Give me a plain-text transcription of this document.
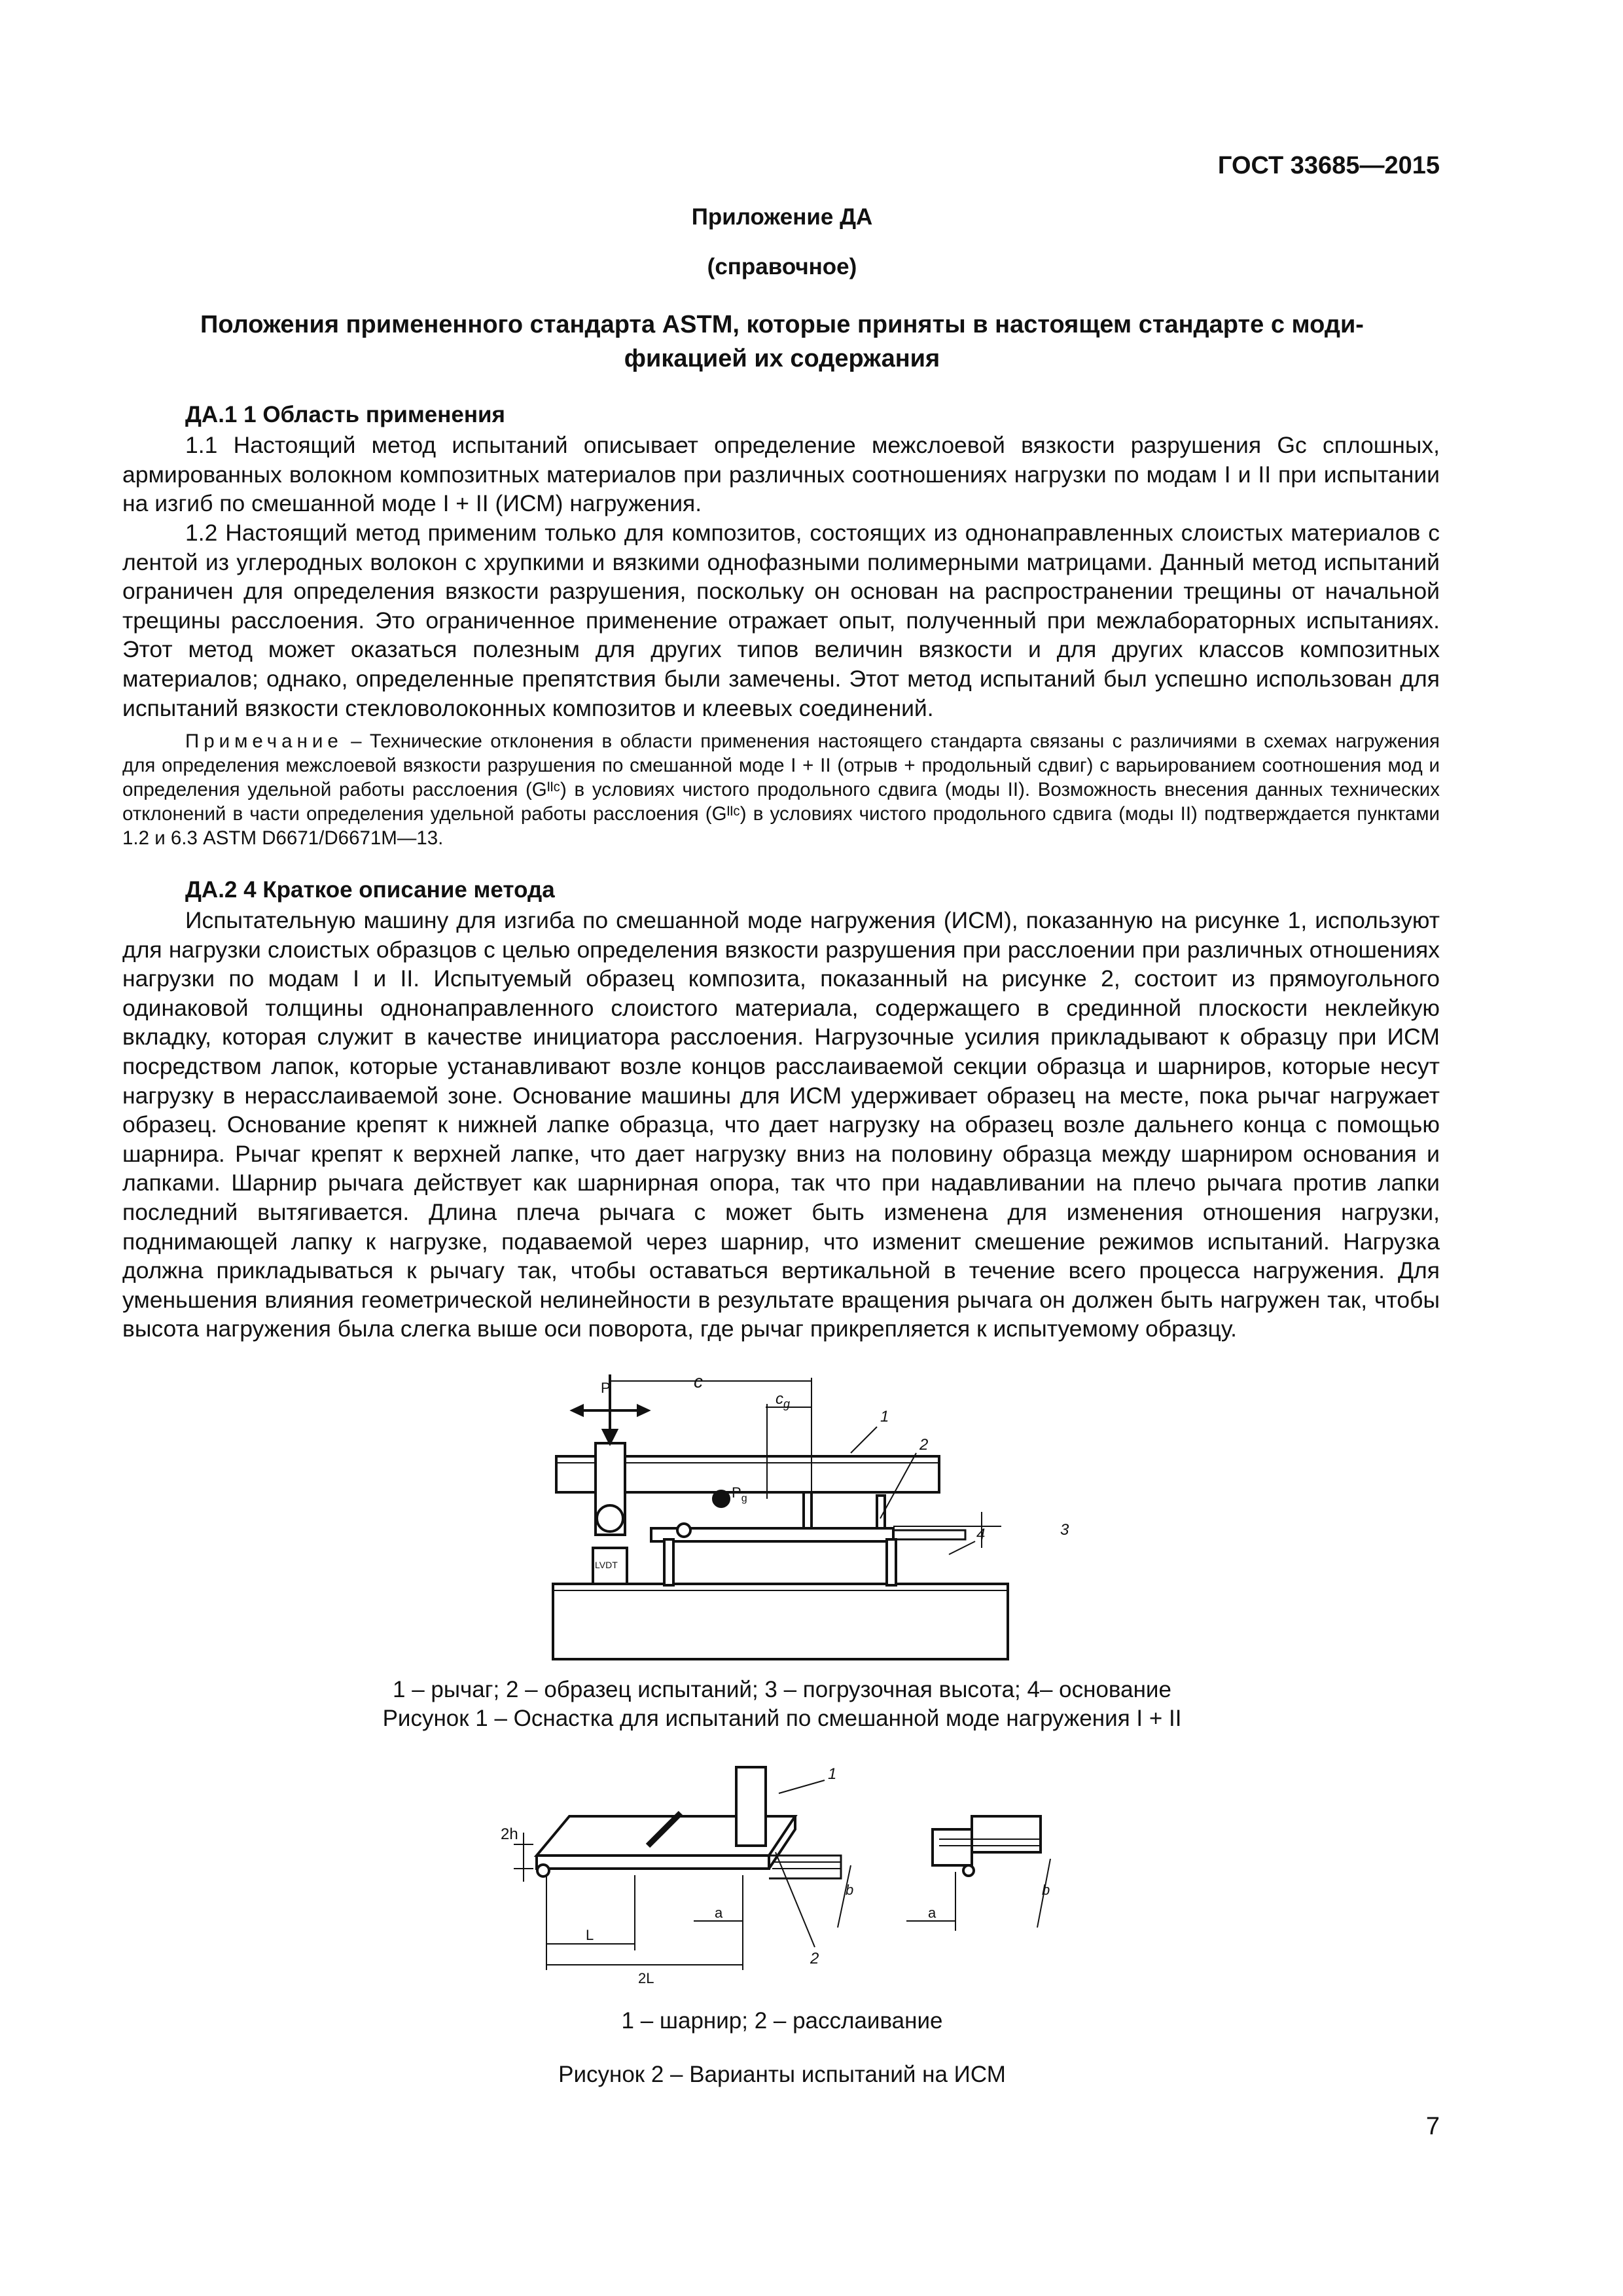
ГОСТ 33685—2015
Приложение ДА
(справочное)
Положения примененного стандарта ASTM, которые приняты в настоящем стандарте с моди-
фикацией их содержания
ДА.1 1 Область применения

1.1 Настоящий метод испытаний описывает определение межслоевой вязкости разрушения Gᴄ сплошных, армированных волокном композитных материалов при различных соотношениях нагрузки по модам I и II при испытании на изгиб по смешанной моде I + II (ИСМ) нагружения.

1.2 Настоящий метод применим только для композитов, состоящих из однонаправленных слоистых материалов с лентой из углеродных волокон с хрупкими и вязкими однофазными полимерными матрицами. Данный метод испытаний ограничен для определения вязкости разрушения, поскольку он основан на распространении трещины от начальной трещины расслоения. Это ограниченное применение отражает опыт, полученный при межлабораторных испытаниях. Этот метод может оказаться полезным для других типов величин вязкости и для других классов композитных материалов; однако, определенные препятствия были замечены. Этот метод испытаний был успешно использован для испытаний вязкости стекловолоконных композитов и клеевых соединений.

Примечание – Технические отклонения в области применения настоящего стандарта связаны с различиями в схемах нагружения для определения межслоевой вязкости разрушения по смешанной моде I + II (отрыв + продольный сдвиг) с варьированием соотношения мод и определения удельной работы расслоения (Gᴵᴵᶜ) в условиях чистого продольного сдвига (моды II). Возможность внесения данных технических отклонений в части определения удельной работы расслоения (Gᴵᴵᶜ) в условиях чистого продольного сдвига (моды II) подтверждается пунктами 1.2 и 6.3 ASTM D6671/D6671M—13.

ДА.2 4 Краткое описание метода

Испытательную машину для изгиба по смешанной моде нагружения (ИСМ), показанную на рисунке 1, используют для нагрузки слоистых образцов с целью определения вязкости разрушения при расслоении при различных отношениях нагрузки по модам I и II. Испытуемый образец композита, показанный на рисунке 2, состоит из прямоугольного одинаковой толщины однонаправленного слоистого материала, содержащего в срединной плоскости неклейкую вкладку, которая служит в качестве инициатора расслоения. Нагрузочные усилия прикладывают к образцу при ИСМ посредством лапок, которые устанавливают возле концов расслаиваемой секции образца и шарниров, которые несут нагрузку в нерасслаиваемой зоне. Основание машины для ИСМ удерживает образец на месте, пока рычаг нагружает образец. Основание крепят к нижней лапке образца, что дает нагрузку на образец возле дальнего конца с помощью шарнира. Рычаг крепят к верхней лапке, что дает нагрузку вниз на половину образца между шарниром основания и лапками. Шарнир рычага действует как шарнирная опора, так что при надавливании на плечо рычага против лапки последний вытягивается. Длина плеча рычага c может быть изменена для изменения отношения нагрузки, поднимающей лапку к нагрузке, подаваемой через шарнир, что изменит смешение режимов испытаний. Нагрузка должна прикладываться к рычагу так, чтобы оставаться вертикальной в течение всего процесса нагружения. Для уменьшения влияния геометрической нелинейности в результате вращения рычага он должен быть нагружен так, чтобы высота нагружения была слегка выше оси поворота, где рычаг прикрепляется к испытуемому образцу.

c
$c_g$
P
$P_g$
LVDT
1
2
3
4
1 – рычаг; 2 – образец испытаний; 3 – погрузочная высота; 4– основание
Рисунок 1 – Оснастка для испытаний по смешанной моде нагружения I + II
2h
L
2L
a	a
b	b
1
2
1 – шарнир; 2 – расслаивание
Рисунок 2 – Варианты испытаний на ИСМ
7
